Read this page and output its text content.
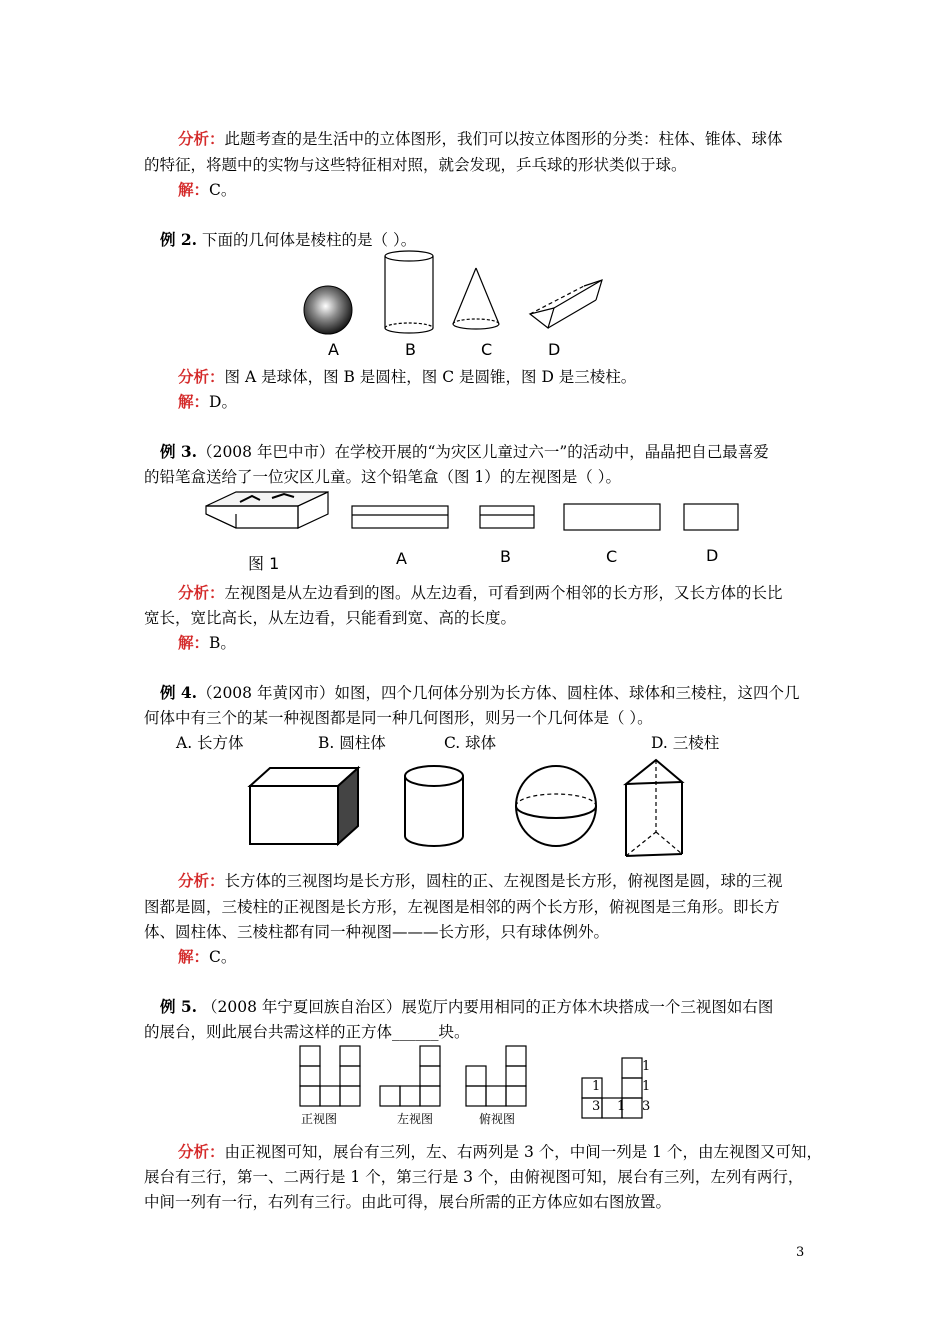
分析：此题考查的是生活中的立体图形，我们可以按立体图形的分类：柱体、锥体、球体
的特征，将题中的实物与这些特征相对照，就会发现，乒乓球的形状类似于球。
解：C。
例 2. 下面的几何体是棱柱的是（ ）。
A	B	C	D
分析：图 A 是球体，图 B 是圆柱，图 C 是圆锥，图 D 是三棱柱。
解：D。
例 3.（2008 年巴中市）在学校开展的“为灾区儿童过六一”的活动中，晶晶把自己最喜爱
的铅笔盒送给了一位灾区儿童。这个铅笔盒（图 1）的左视图是（ ）。
图 1	A	B	C	D
分析：左视图是从左边看到的图。从左边看，可看到两个相邻的长方形，又长方体的长比
宽长，宽比高长，从左边看，只能看到宽、高的长度。
解：B。
例 4.（2008 年黄冈市）如图，四个几何体分别为长方体、圆柱体、球体和三棱柱，这四个几
何体中有三个的某一种视图都是同一种几何图形，则另一个几何体是（ ）。
A. 长方体	B. 圆柱体	C. 球体	D. 三棱柱
分析：长方体的三视图均是长方形，圆柱的正、左视图是长方形，俯视图是圆，球的三视
图都是圆，三棱柱的正视图是长方形，左视图是相邻的两个长方形，俯视图是三角形。即长方
体、圆柱体、三棱柱都有同一种视图———长方形，只有球体例外。
解：C。
例 5. （2008 年宁夏回族自治区）展览厅内要用相同的正方体木块搭成一个三视图如右图
的展台，则此展台共需这样的正方体______块。
正视图	左视图	俯视图
1
1	1
3 1 3
分析：由正视图可知，展台有三列，左、右两列是 3 个，中间一列是 1 个，由左视图又可知，
展台有三行，第一、二两行是 1 个，第三行是 3 个，由俯视图可知，展台有三列，左列有两行，
中间一列有一行，右列有三行。由此可得，展台所需的正方体应如右图放置。
3
